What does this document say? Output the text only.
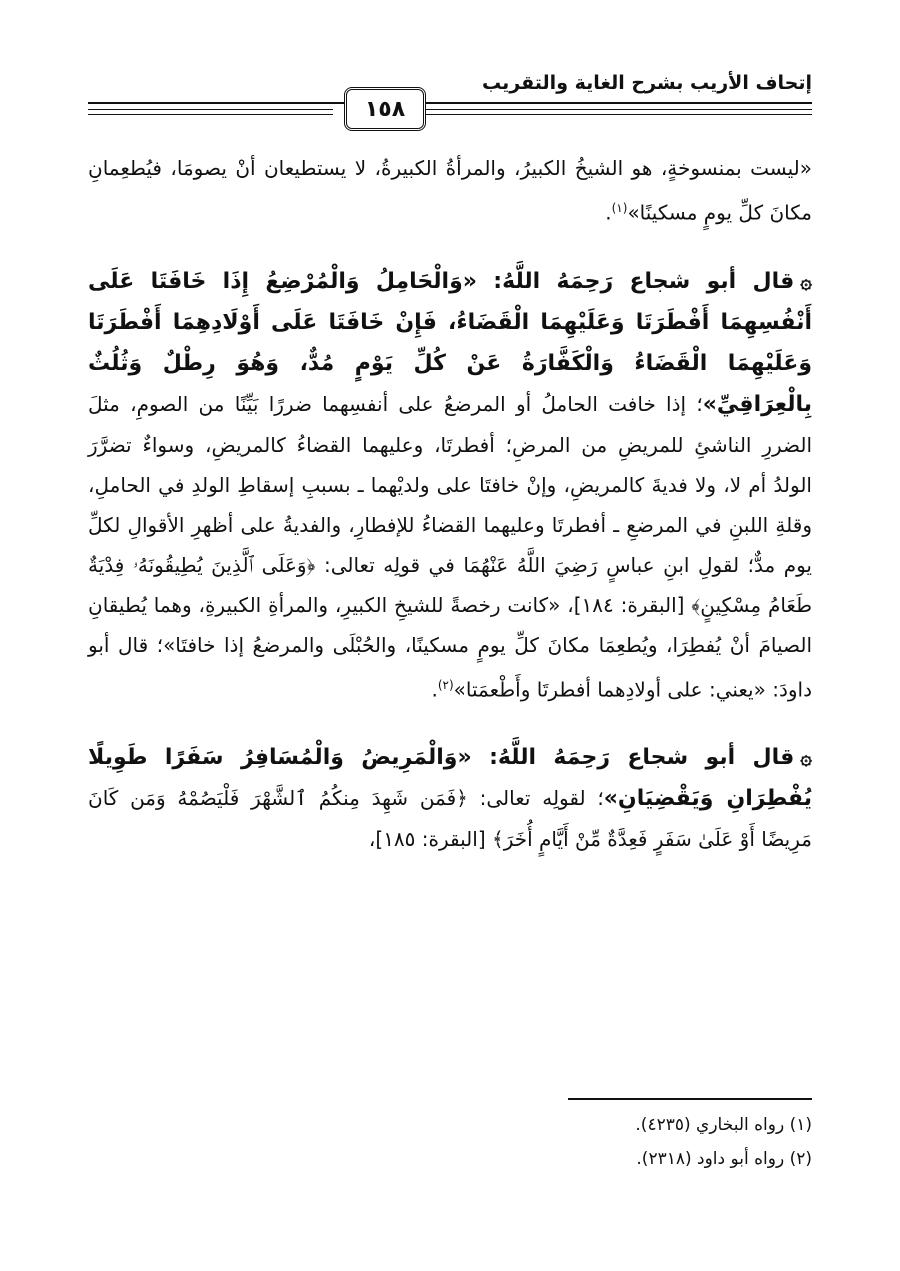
إتحاف الأريب بشرح الغاية والتقريب
١٥٨

«ليست بمنسوخةٍ، هو الشيخُ الكبيرُ، والمرأةُ الكبيرةُ، لا يستطيعان أنْ يصومَا، فيُطعِمانِ مكانَ كلِّ يومٍ مسكينًا»$^{(١)}$.

۞قال أبو شجاع رَحِمَهُ اللَّهُ: «وَالْحَامِلُ وَالْمُرْضِعُ إِذَا خَافَتَا عَلَى أَنْفُسِهِمَا أَفْطَرَتَا وَعَلَيْهِمَا الْقَضَاءُ، فَإِنْ خَافَتَا عَلَى أَوْلَادِهِمَا أَفْطَرَتَا وَعَلَيْهِمَا الْقَضَاءُ وَالْكَفَّارَةُ عَنْ كُلِّ يَوْمٍ مُدٌّ، وَهُوَ رِطْلٌ وَثُلُثٌ بِالْعِرَاقِيِّ»؛ إذا خافت الحاملُ أو المرضعُ على أنفسِهما ضررًا بَيِّنًا من الصومِ، مثلَ الضررِ الناشئِ للمريضِ من المرضِ؛ أفطرتَا، وعليهما القضاءُ كالمريضِ، وسواءٌ تضرَّرَ الولدُ أم لا، ولا فديةَ كالمريضِ، وإنْ خافتَا على ولديْهما ـ بسببِ إسقاطِ الولدِ في الحاملِ، وقلةِ اللبنِ في المرضعِ ـ أفطرتَا وعليهما القضاءُ للإفطارِ، والفديةُ على أظهرِ الأقوالِ لكلِّ يوم مدٌّ؛ لقولِ ابنِ عباسٍ رَضِيَ اللَّهُ عَنْهُمَا في قولِه تعالى: ﴿وَعَلَى ٱلَّذِينَ يُطِيقُونَهُۥ فِدْيَةٌ طَعَامُ مِسْكِينٍ﴾ [البقرة: ١٨٤]، «كانت رخصةً للشيخِ الكبيرِ، والمرأةِ الكبيرةِ، وهما يُطيقانِ الصيامَ أنْ يُفطِرَا، ويُطعِمَا مكانَ كلِّ يومٍ مسكينًا، والحُبْلَى والمرضعُ إذا خافتَا»؛ قال أبو داودَ: «يعني: على أولادِهما أفطرتَا وأَطْعمَتا»$^{(٢)}$.

۞قال أبو شجاع رَحِمَهُ اللَّهُ: «وَالْمَرِيضُ وَالْمُسَافِرُ سَفَرًا طَوِيلًا يُفْطِرَانِ وَيَقْضِيَانِ»؛ لقولِه تعالى: ﴿فَمَن شَهِدَ مِنكُمُ ٱلشَّهْرَ فَلْيَصُمْهُ وَمَن كَانَ مَرِيضًا أَوْ عَلَىٰ سَفَرٍ فَعِدَّةٌ مِّنْ أَيَّامٍ أُخَرَ﴾ [البقرة: ١٨٥]،

(١) رواه البخاري (٤٢٣٥).
(٢) رواه أبو داود (٢٣١٨).
